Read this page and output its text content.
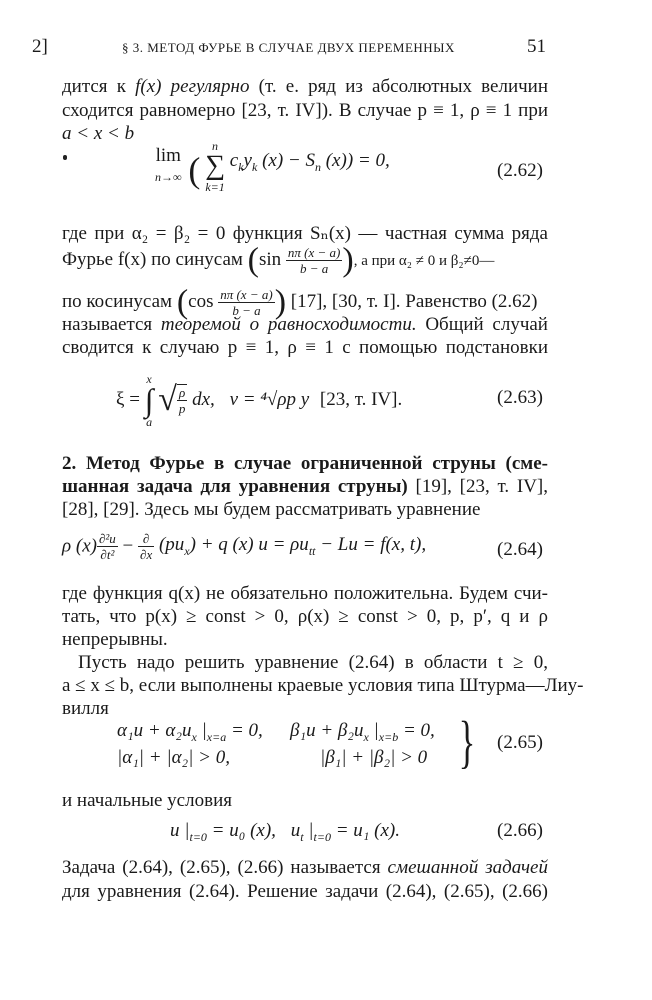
2]	§ 3. МЕТОД ФУРЬЕ В СЛУЧАЕ ДВУХ ПЕРЕМЕННЫХ	51
дится к f(x) регулярно (т. е. ряд из абсолютных величин
сходится равномерно [23, т. IV]). В случае p ≡ 1, ρ ≡ 1 при
a < x < b
lim
n→∞ ( n
∑
k=1 $c_ky_k$ $(x) - S_n$ (x)) = 0,	(2.62)
где при α₂ = β₂ = 0 функция Sₙ(x) — частная сумма ряда
Фурье f(x) по синусам ($\sin \frac{n\pi (x - a)}{b - a}$ ), а при α₂ ≠ 0 и β₂≠0—
по косинусам ($\cos \frac{n\pi (x - a)}{b - a}$ ) [17], [30, т. I]. Равенство (2.62)
называется теоремой о равносходимости. Общий случай
сводится к случаю p ≡ 1, ρ ≡ 1 с помощью подстановки
ξ = x
∫
a √ $\frac{\rho}{p}$ dx, v = ⁴√ρp y [23, т. IV].	(2.63)
2. Метод Фурье в случае ограниченной струны (сме-
шанная задача для уравнения струны) [19], [23, т. IV],
[28], [29]. Здесь мы будем рассматривать уравнение
ρ $(x) \frac{\text{∂²u}}{\text{∂t²}} - \frac{\partial}{\partial x} (pu_x) + q$ (x) $u = \rho u_{tt} - Lu = f(x$, t),	(2.64)
где функция q(x) не обязательно положительна. Будем счи-
тать, что p(x) ≥ const > 0, ρ(x) ≥ const > 0, p, p′, q и ρ
непрерывны.
Пусть надо решить уравнение (2.64) в области t ≥ 0,
a ≤ x ≤ b, если выполнены краевые условия типа Штурма—Лиу-
вилля
$\alpha_1u + \alpha_2u_x$ $|_{x=a} = 0$, $\beta_1u + \beta_2u_x$ $|_{x=b} = 0$,
|α₁| + |α₂| > 0,	|β₁| + |β₂| > 0 } (2.65)
и начальные условия
u $|_{t=0} = u_0$ (x), $u_t$ $|_{t=0} = u_1$ (x).	(2.66)
Задача (2.64), (2.65), (2.66) называется смешанной задачей
для уравнения (2.64). Решение задачи (2.64), (2.65), (2.66)
